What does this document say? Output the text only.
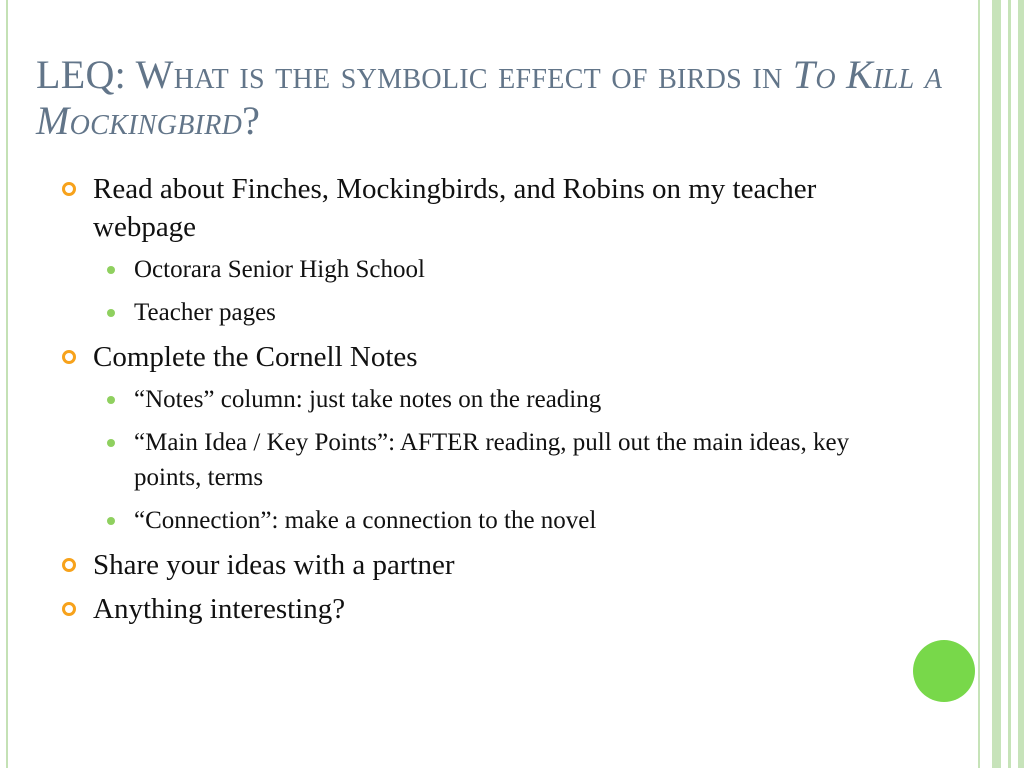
LEQ: What is the symbolic effect of birds in To Kill a Mockingbird?
Read about Finches, Mockingbirds, and Robins on my teacher webpage
Octorara Senior High School
Teacher pages
Complete the Cornell Notes
“Notes” column: just take notes on the reading
“Main Idea / Key Points”: AFTER reading, pull out the main ideas, key points, terms
“Connection”: make a connection to the novel
Share your ideas with a partner
Anything interesting?
